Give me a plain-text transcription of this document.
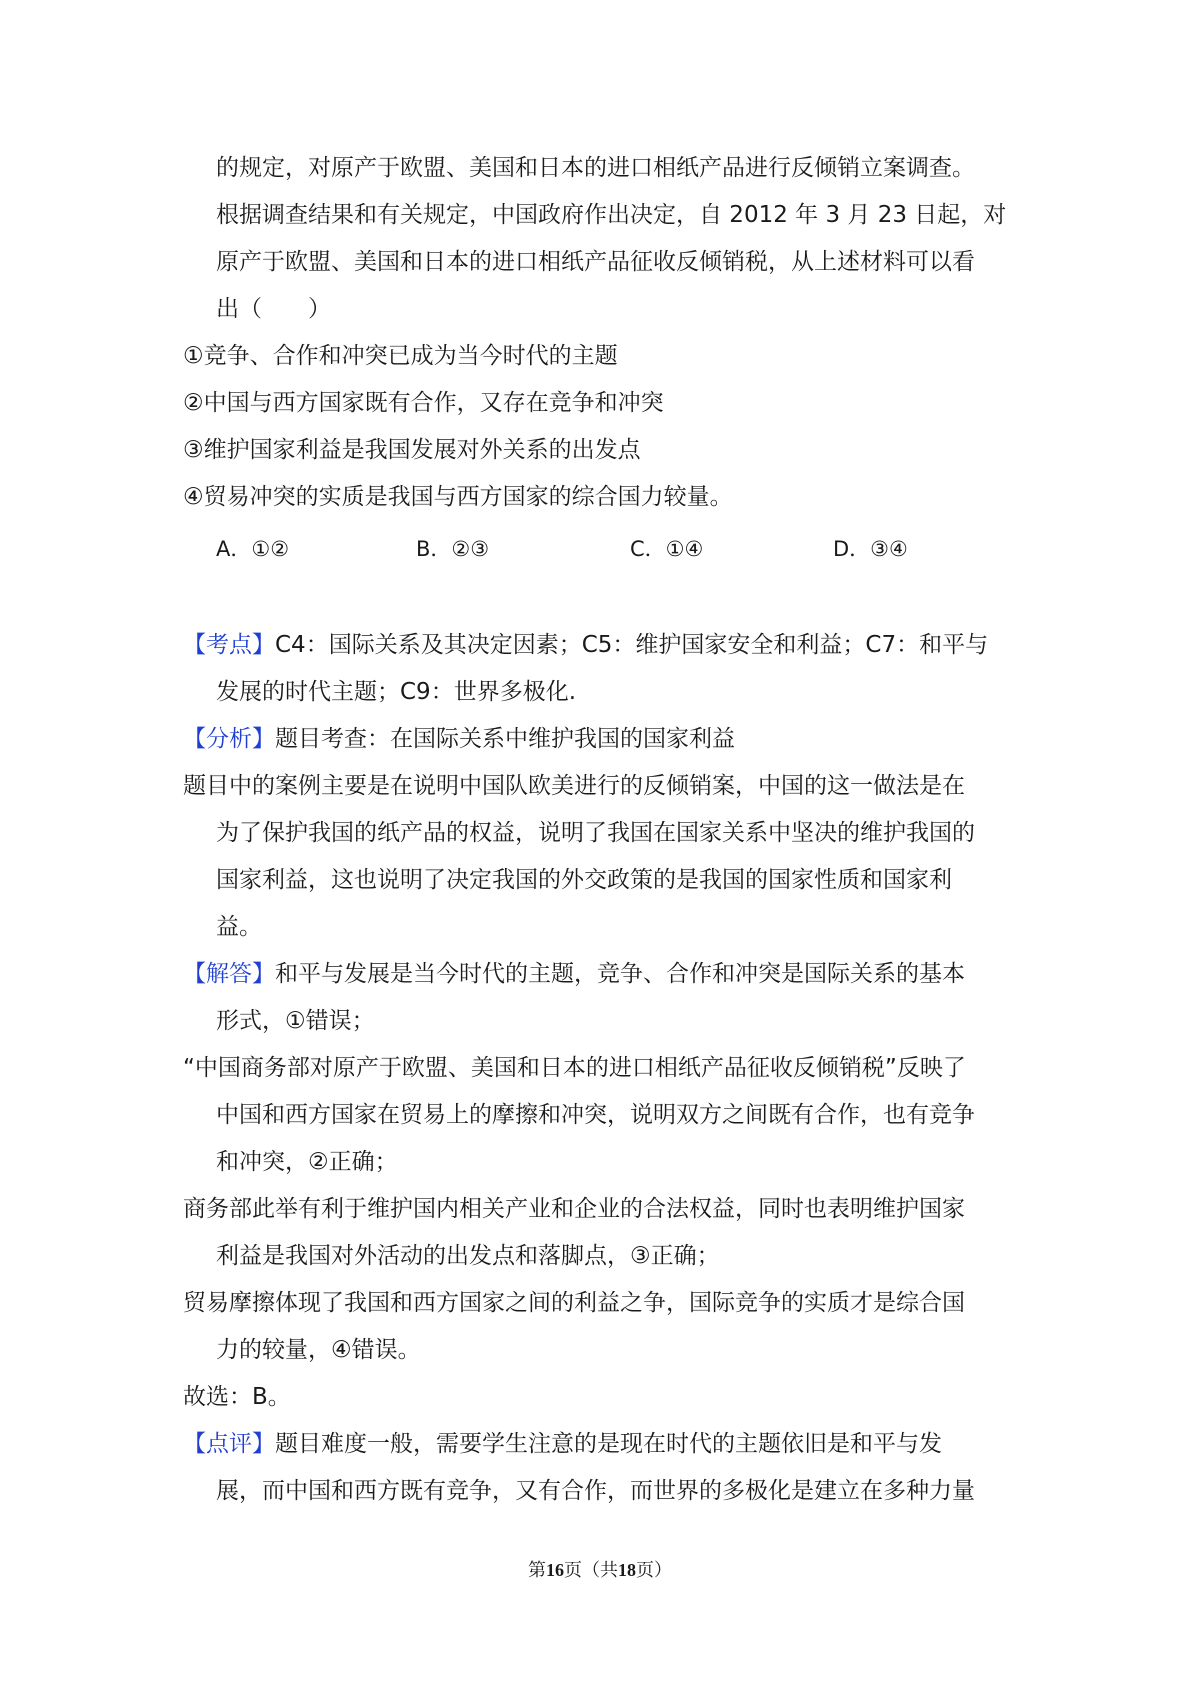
的规定，对原产于欧盟、美国和日本的进口相纸产品进行反倾销立案调查。
根据调查结果和有关规定，中国政府作出决定，自 2012 年 3 月 23 日起，对
原产于欧盟、美国和日本的进口相纸产品征收反倾销税，从上述材料可以看
出（　　）
①竞争、合作和冲突已成为当今时代的主题
②中国与西方国家既有合作，又存在竞争和冲突
③维护国家利益是我国发展对外关系的出发点
④贸易冲突的实质是我国与西方国家的综合国力较量。
A．①②	B．②③	C．①④	D．③④
【考点】C4：国际关系及其决定因素；C5：维护国家安全和利益；C7：和平与
发展的时代主题；C9：世界多极化.
【分析】题目考查：在国际关系中维护我国的国家利益
题目中的案例主要是在说明中国队欧美进行的反倾销案，中国的这一做法是在
为了保护我国的纸产品的权益，说明了我国在国家关系中坚决的维护我国的
国家利益，这也说明了决定我国的外交政策的是我国的国家性质和国家利
益。
【解答】和平与发展是当今时代的主题，竞争、合作和冲突是国际关系的基本
形式，①错误；
“中国商务部对原产于欧盟、美国和日本的进口相纸产品征收反倾销税”反映了
中国和西方国家在贸易上的摩擦和冲突，说明双方之间既有合作，也有竞争
和冲突，②正确；
商务部此举有利于维护国内相关产业和企业的合法权益，同时也表明维护国家
利益是我国对外活动的出发点和落脚点，③正确；
贸易摩擦体现了我国和西方国家之间的利益之争，国际竞争的实质才是综合国
力的较量，④错误。
故选：B。
【点评】题目难度一般，需要学生注意的是现在时代的主题依旧是和平与发
展，而中国和西方既有竞争，又有合作，而世界的多极化是建立在多种力量
第16页（共18页）
